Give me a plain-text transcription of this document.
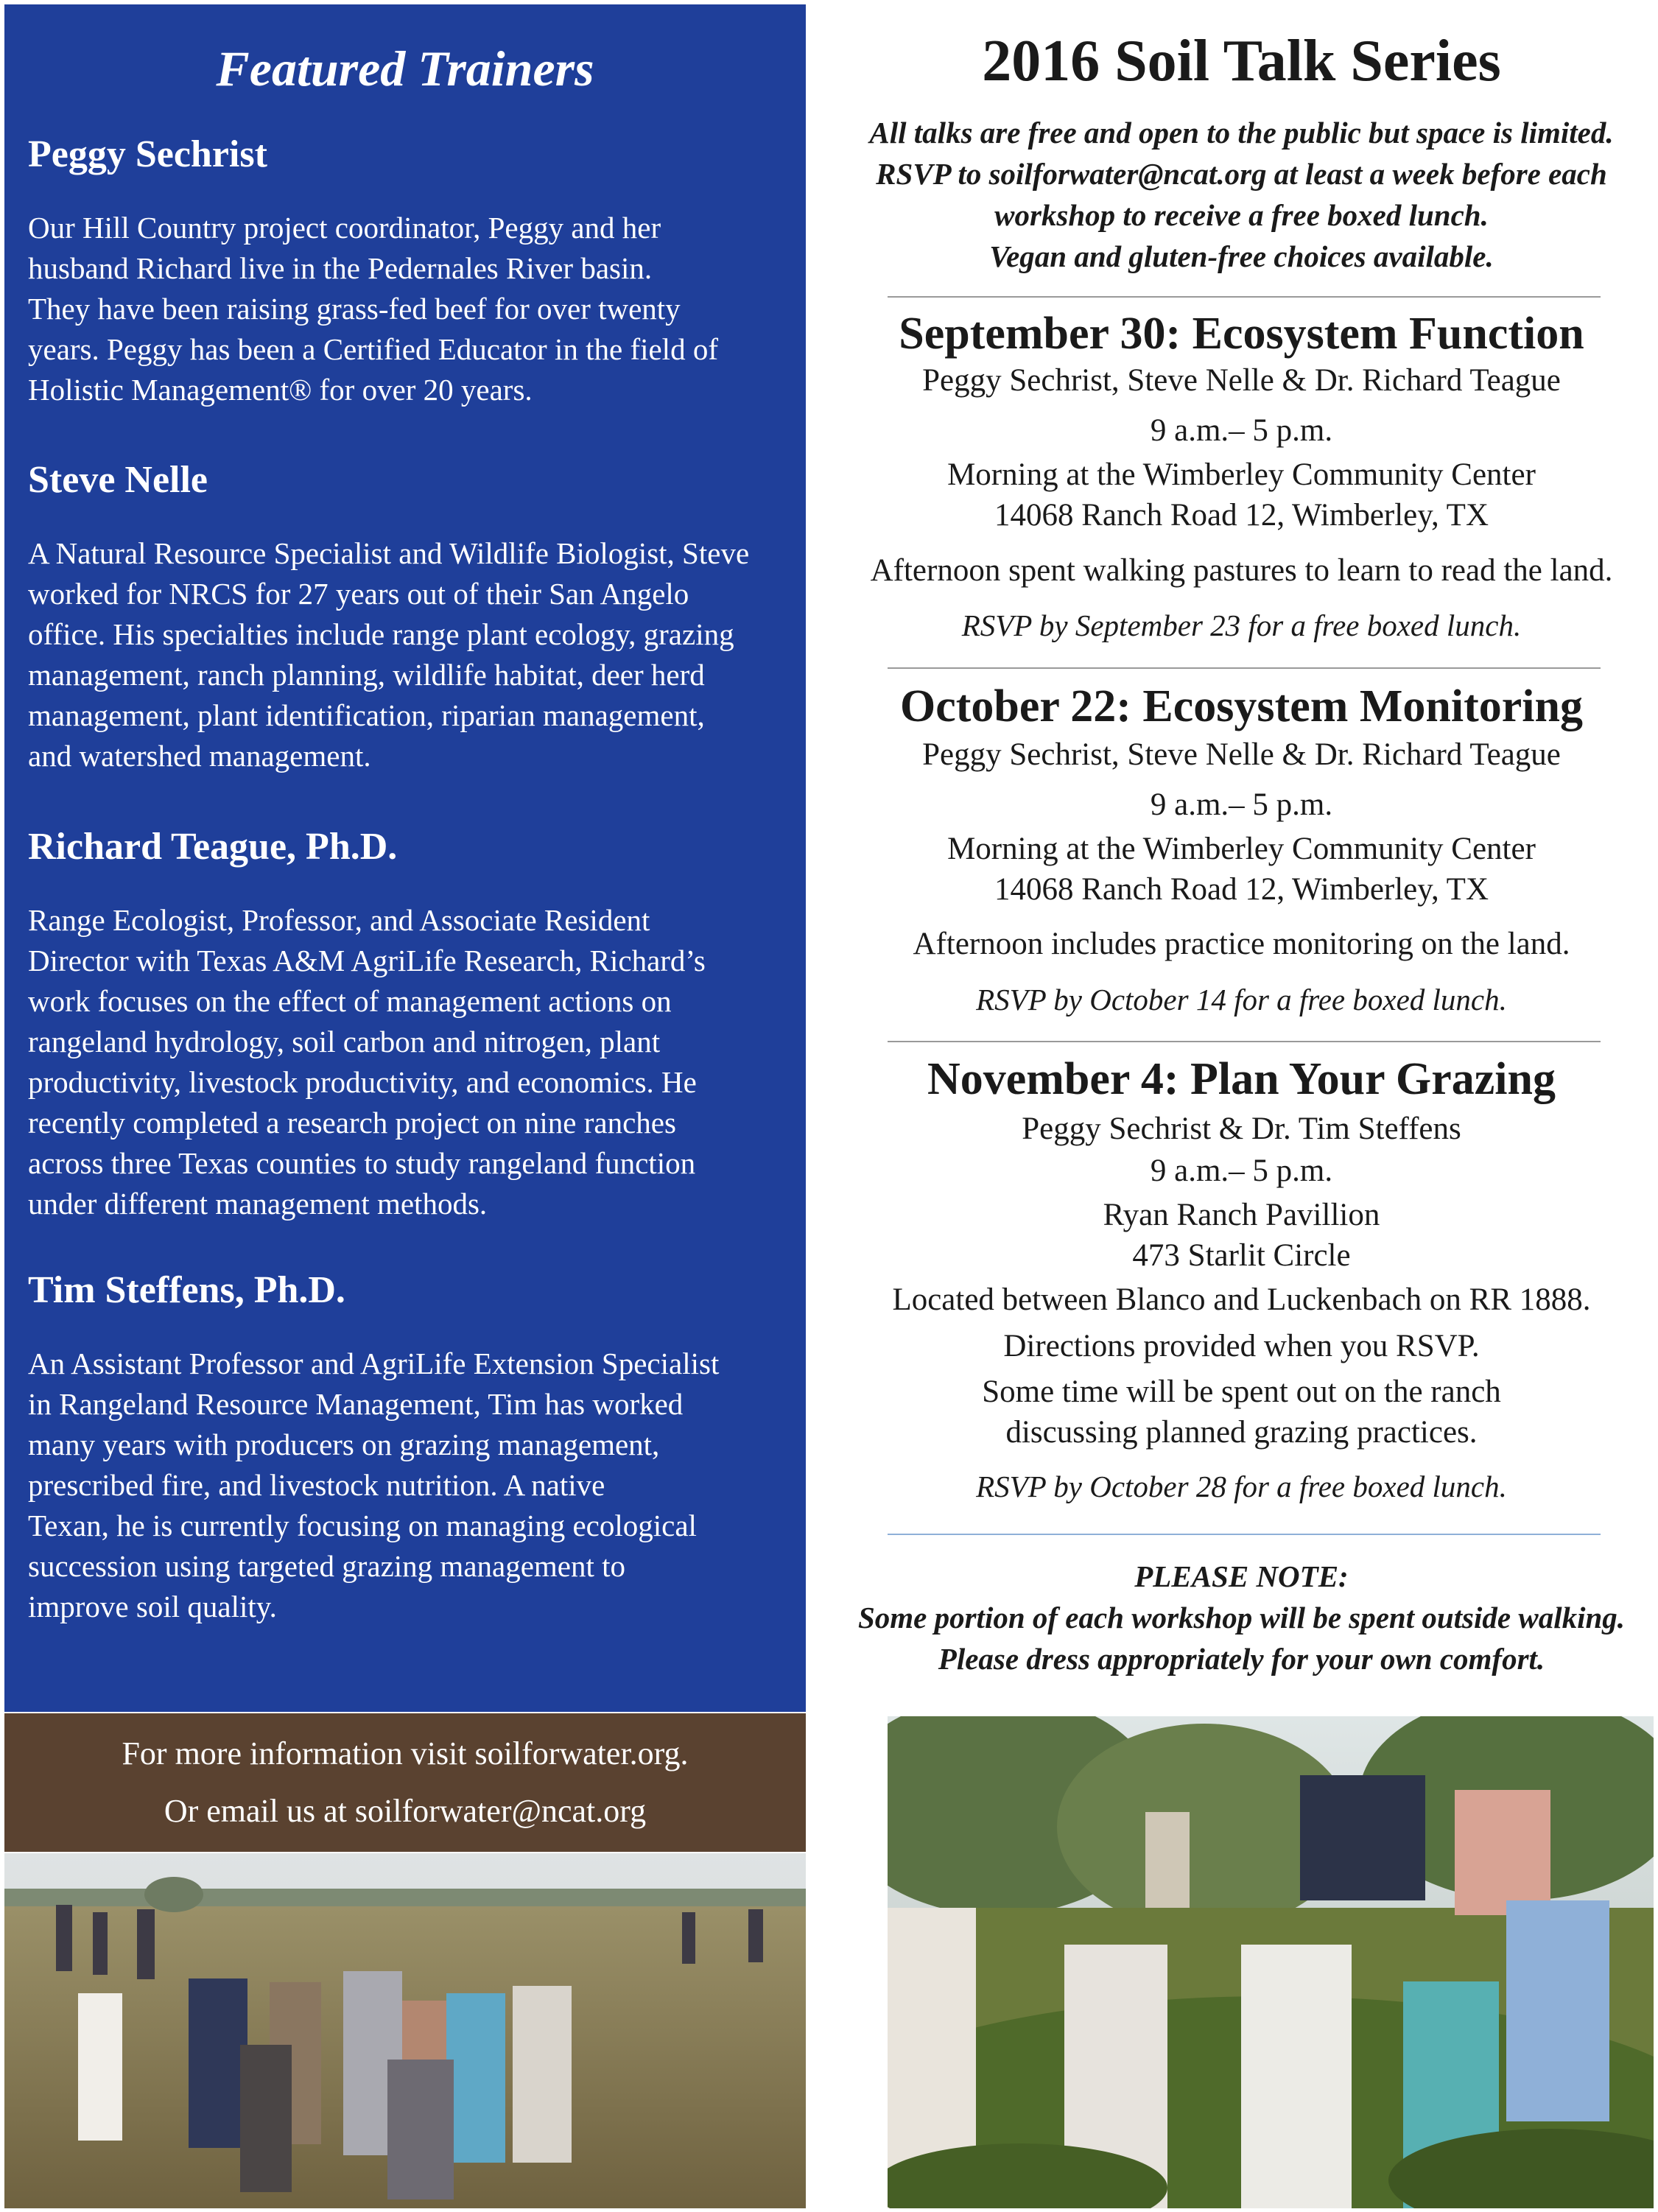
Featured Trainers
Peggy Sechrist
Our Hill Country project coordinator, Peggy and her
husband Richard live in the Pedernales River basin.
They have been raising grass-fed beef for over twenty
years. Peggy has been a Certified Educator in the field of
Holistic Management® for over 20 years.
Steve Nelle
A Natural Resource Specialist and Wildlife Biologist, Steve
worked for NRCS for 27 years out of their San Angelo
office. His specialties include range plant ecology, grazing
management, ranch planning, wildlife habitat, deer herd
management, plant identification, riparian management,
and watershed management.
Richard Teague, Ph.D.
Range Ecologist, Professor, and Associate Resident
Director with Texas A&M AgriLife Research, Richard’s
work focuses on the effect of management actions on
rangeland hydrology, soil carbon and nitrogen, plant
productivity, livestock productivity, and economics. He
recently completed a research project on nine ranches
across three Texas counties to study rangeland function
under different management methods.
Tim Steffens, Ph.D.
An Assistant Professor and AgriLife Extension Specialist
in Rangeland Resource Management, Tim has worked
many years with producers on grazing management,
prescribed fire, and livestock nutrition. A native
Texan, he is currently focusing on managing ecological
succession using targeted grazing management to
improve soil quality.
For more information visit soilforwater.org.
Or email us at soilforwater@ncat.org
2016 Soil Talk Series
All talks are free and open to the public but space is limited.
RSVP to soilforwater@ncat.org at least a week before each
workshop to receive a free boxed lunch.
Vegan and gluten-free choices available.
September 30: Ecosystem Function
Peggy Sechrist, Steve Nelle & Dr. Richard Teague
9 a.m.– 5 p.m.
Morning at the Wimberley Community Center
14068 Ranch Road 12, Wimberley, TX
Afternoon spent walking pastures to learn to read the land.
RSVP by September 23 for a free boxed lunch.
October 22: Ecosystem Monitoring
Peggy Sechrist, Steve Nelle & Dr. Richard Teague
9 a.m.– 5 p.m.
Morning at the Wimberley Community Center
14068 Ranch Road 12, Wimberley, TX
Afternoon includes practice monitoring on the land.
RSVP by October 14 for a free boxed lunch.
November 4: Plan Your Grazing
Peggy Sechrist & Dr. Tim Steffens
9 a.m.– 5 p.m.
Ryan Ranch Pavillion
473 Starlit Circle
Located between Blanco and Luckenbach on RR 1888.
Directions provided when you RSVP.
Some time will be spent out on the ranch
discussing planned grazing practices.
RSVP by October 28 for a free boxed lunch.
PLEASE NOTE:
Some portion of each workshop will be spent outside walking.
Please dress appropriately for your own comfort.
